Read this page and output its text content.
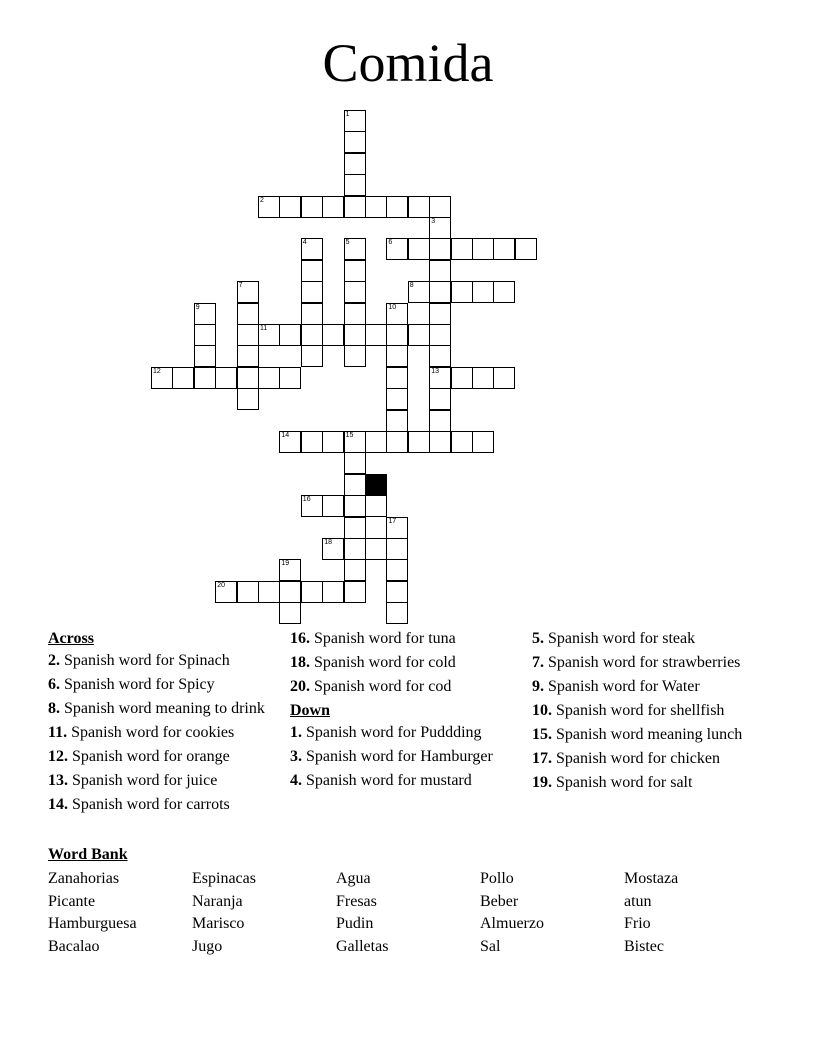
Comida
1
2
3
13
4	5	6
7	8
9	10
11
12
14	15
16
17
18
19
20
Across
2. Spanish word for Spinach
6. Spanish word for Spicy
8. Spanish word meaning to drink
11. Spanish word for cookies
12. Spanish word for orange
13. Spanish word for juice
14. Spanish word for carrots
16. Spanish word for tuna
18. Spanish word for cold
20. Spanish word for cod
Down
1. Spanish word for Puddding
3. Spanish word for Hamburger
4. Spanish word for mustard
5. Spanish word for steak
7. Spanish word for strawberries
9. Spanish word for Water
10. Spanish word for shellfish
15. Spanish word meaning lunch
17. Spanish word for chicken
19. Spanish word for salt
Word Bank
Zanahorias	Espinacas	Agua	Pollo	Mostaza
Picante	Naranja	Fresas	Beber	atun
Hamburguesa	Marisco	Pudin	Almuerzo	Frio
Bacalao	Jugo	Galletas	Sal	Bistec
